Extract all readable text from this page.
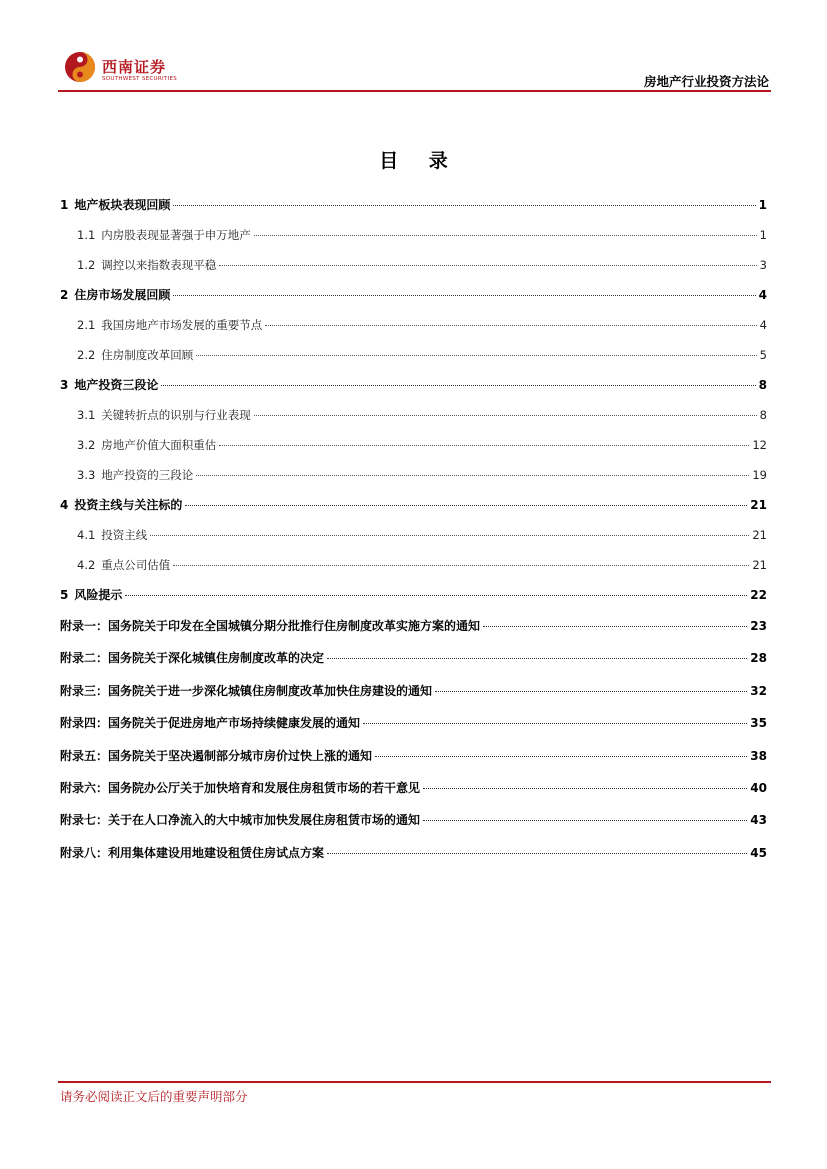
西南证券
SOUTHWEST SECURITIES	房地产行业投资方法论
目 录
1 地产板块表现回顾	1
1.1 内房股表现显著强于申万地产	1
1.2 调控以来指数表现平稳	3
2 住房市场发展回顾	4
2.1 我国房地产市场发展的重要节点	4
2.2 住房制度改革回顾	5
3 地产投资三段论	8
3.1 关键转折点的识别与行业表现	8
3.2 房地产价值大面积重估	12
3.3 地产投资的三段论	19
4 投资主线与关注标的	21
4.1 投资主线	21
4.2 重点公司估值	21
5 风险提示	22
附录一：国务院关于印发在全国城镇分期分批推行住房制度改革实施方案的通知	23
附录二：国务院关于深化城镇住房制度改革的决定	28
附录三：国务院关于进一步深化城镇住房制度改革加快住房建设的通知	32
附录四：国务院关于促进房地产市场持续健康发展的通知	35
附录五：国务院关于坚决遏制部分城市房价过快上涨的通知	38
附录六：国务院办公厅关于加快培育和发展住房租赁市场的若干意见	40
附录七：关于在人口净流入的大中城市加快发展住房租赁市场的通知	43
附录八：利用集体建设用地建设租赁住房试点方案	45
请务必阅读正文后的重要声明部分
